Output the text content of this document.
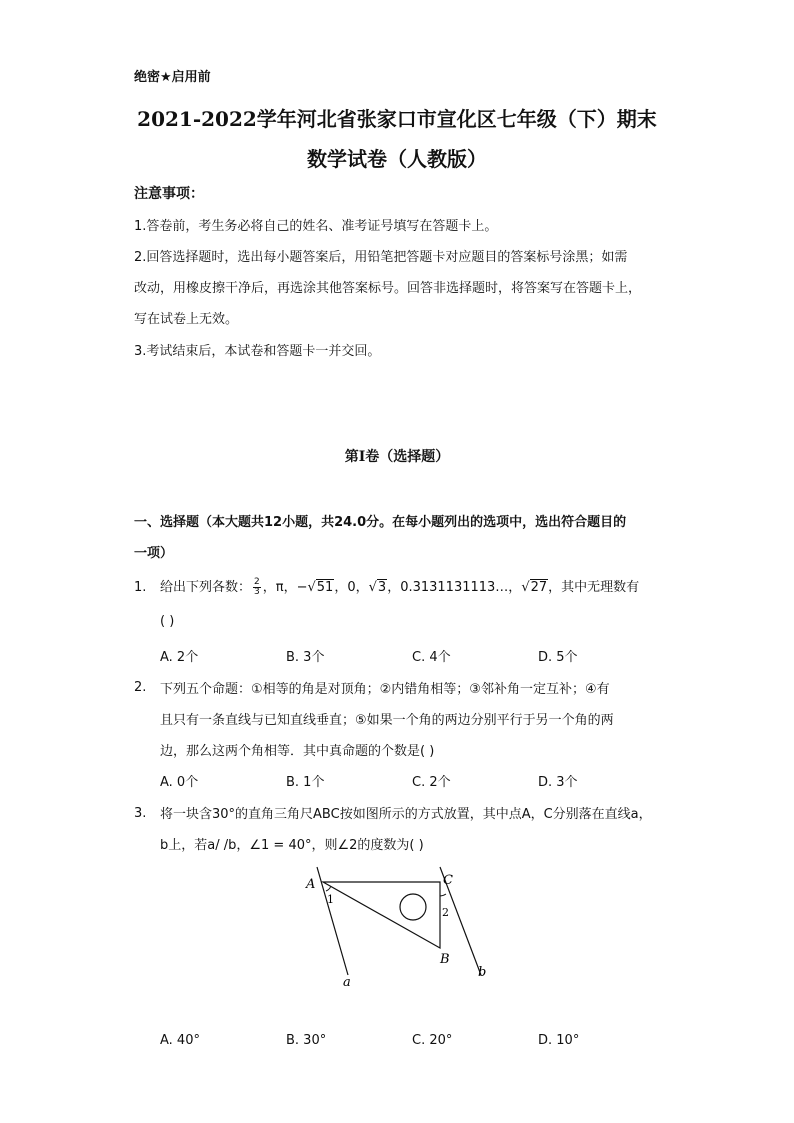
绝密★启用前
2021-2022学年河北省张家口市宣化区七年级（下）期末
数学试卷（人教版）
注意事项：
1.答卷前，考生务必将自己的姓名、准考证号填写在答题卡上。
2.回答选择题时，选出每小题答案后，用铅笔把答题卡对应题目的答案标号涂黑；如需
改动，用橡皮擦干净后，再选涂其他答案标号。回答非选择题时，将答案写在答题卡上，
写在试卷上无效。
3.考试结束后，本试卷和答题卡一并交回。
第I卷（选择题）
一、选择题（本大题共12小题，共24.0分。在每小题列出的选项中，选出符合题目的
一项）
1. 给出下列各数： $\frac{2}{3}$ ，π，−√51，0，√3，0.3131131113…，√27，其中无理数有
( )
A. 2个	B. 3个	C. 4个	D. 5个
2. 下列五个命题：①相等的角是对顶角；②内错角相等；③邻补角一定互补；④有
且只有一条直线与已知直线垂直；⑤如果一个角的两边分别平行于另一个角的两
边，那么这两个角相等．其中真命题的个数是( )
A. 0个	B. 1个	C. 2个	D. 3个
3. 将一块含30°的直角三角尺ABC按如图所示的方式放置，其中点A，C分别落在直线a，
b上，若a/ /b，∠1 = 40°，则∠2的度数为( )
A	C
B
a
b
1
2
A. 40°	B. 30°	C. 20°	D. 10°
